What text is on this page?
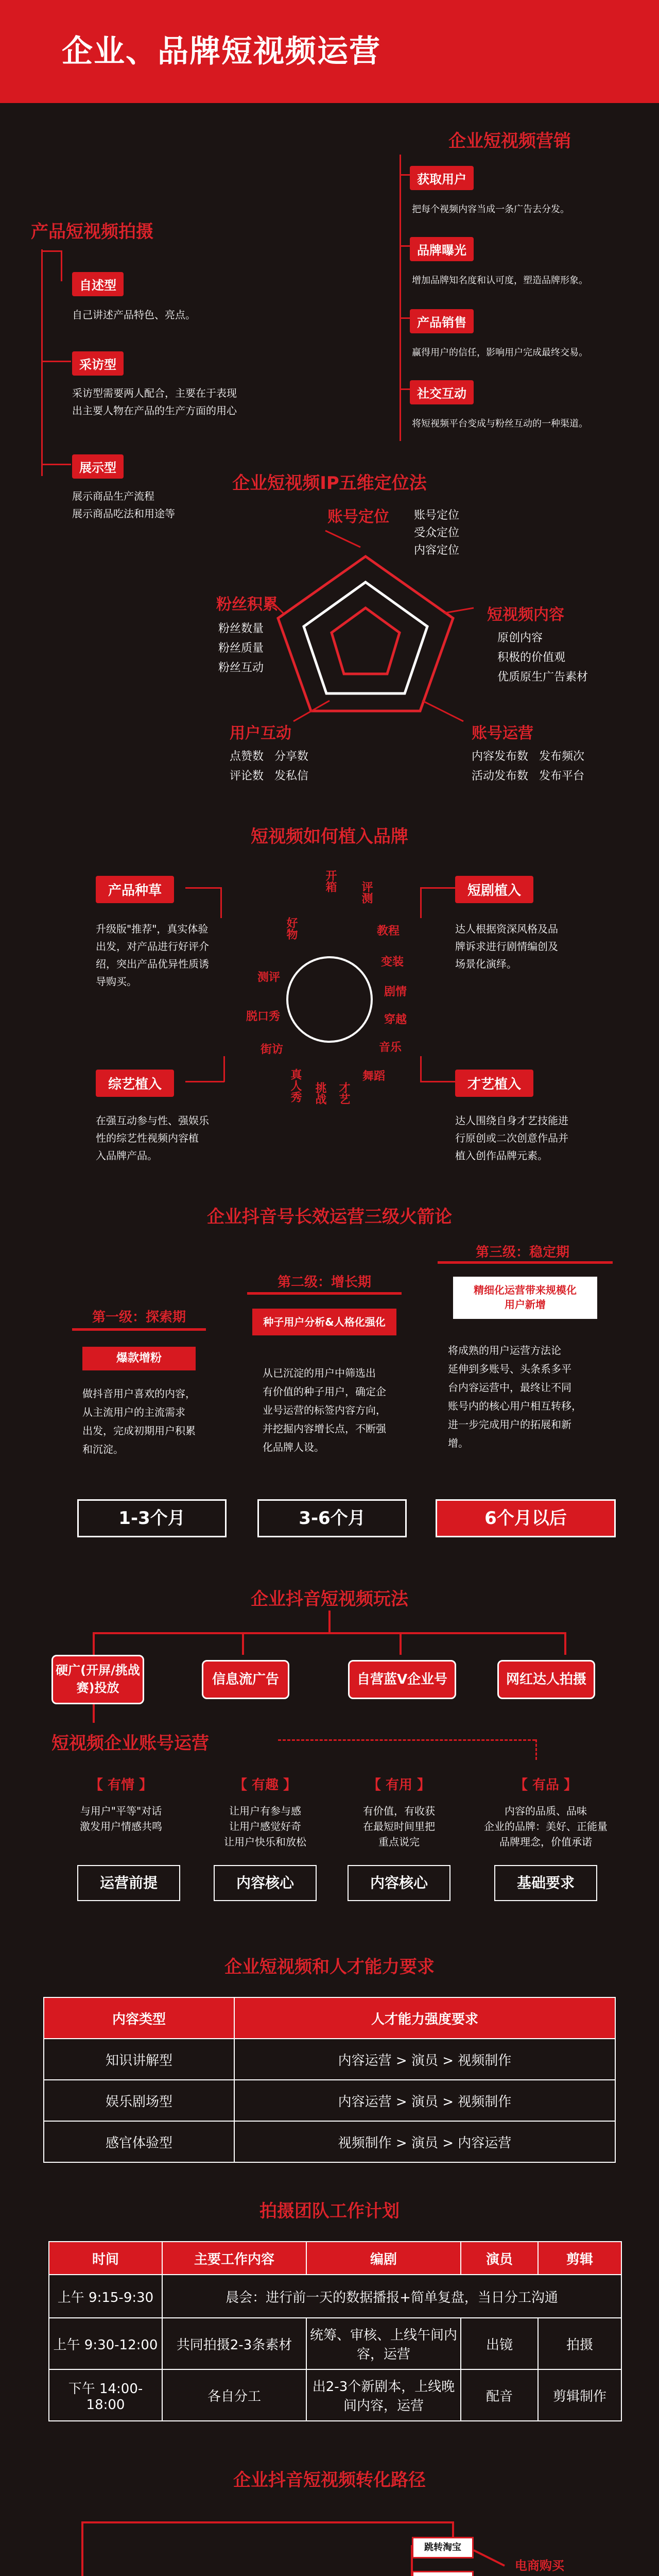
企业、品牌短视频运营
企业短视频营销
获取用户
把每个视频内容当成一条广告去分发。
品牌曝光
增加品牌知名度和认可度，塑造品牌形象。
产品销售
赢得用户的信任，影响用户完成最终交易。
社交互动
将短视频平台变成与粉丝互动的一种渠道。
产品短视频拍摄
自述型
自己讲述产品特色、亮点。
采访型
采访型需要两人配合，主要在于表现
出主要人物在产品的生产方面的用心
展示型
展示商品生产流程
展示商品吃法和用途等
企业短视频IP五维定位法
账号定位 账号定位
受众定位
内容定位
短视频内容
原创内容
积极的价值观
优质原生广告素材
账号运营
内容发布数   发布频次
活动发布数   发布平台
用户互动
点赞数   分享数
评论数   发私信
粉丝积累
粉丝数量
粉丝质量
粉丝互动
短视频如何植入品牌
开箱 评测
教程
变装
剧情
穿越
音乐
舞蹈
才艺
挑战
真人秀
街访
脱口秀
测评
好物
产品种草
升级版"推荐"，真实体验
出发，对产品进行好评介
绍，突出产品优异性质诱
导购买。
短剧植入
达人根据资深风格及品
牌诉求进行剧情编创及
场景化演绎。
综艺植入
在强互动参与性、强娱乐
性的综艺性视频内容植
入品牌产品。
才艺植入
达人围绕自身才艺技能进
行原创或二次创意作品并
植入创作品牌元素。
企业抖音号长效运营三级火箭论
第一级：探索期
爆款增粉
做抖音用户喜欢的内容，
从主流用户的主流需求
出发，完成初期用户积累
和沉淀。
1-3个月
第二级：增长期
种子用户分析&人格化强化
从已沉淀的用户中筛选出
有价值的种子用户，确定企
业号运营的标签内容方向，
并挖掘内容增长点，不断强
化品牌人设。
3-6个月
第三级：稳定期
精细化运营带来规模化用户新增
将成熟的用户运营方法论
延伸到多账号、头条系多平
台内容运营中，最终让不同
账号内的核心用户相互转移，
进一步完成用户的拓展和新
增。
6个月以后
企业抖音短视频玩法
硬广(开屏/挑战赛)投放
信息流广告	自营蓝V企业号	网红达人拍摄
短视频企业账号运营
【 有情 】
与用户"平等"对话
激发用户情感共鸣
运营前提
【 有趣 】
让用户有参与感
让用户感觉好奇
让用户快乐和放松
内容核心
【 有用 】
有价值，有收获
在最短时间里把
重点说完
内容核心
【 有品 】
内容的品质、品味
企业的品牌：美好、正能量
品牌理念，价值承诺
基础要求
企业短视频和人才能力要求
内容类型	人才能力强度要求
知识讲解型	内容运营 > 演员 > 视频制作
娱乐剧场型	内容运营 > 演员 > 视频制作
感官体验型	视频制作 > 演员 > 内容运营
拍摄团队工作计划
时间	主要工作内容	编剧	演员	剪辑
上午 9:15-9:30	晨会：进行前一天的数据播报+简单复盘，当日分工沟通			
上午 9:30-12:00	共同拍摄2-3条素材	统筹、审核、上线午间内容，运营	出镜	拍摄
下午 14:00-18:00	各自分工	出2-3个新剧本，上线晚间内容，运营	配音	剪辑制作
企业抖音短视频转化路径
跳转淘宝
电商购买
